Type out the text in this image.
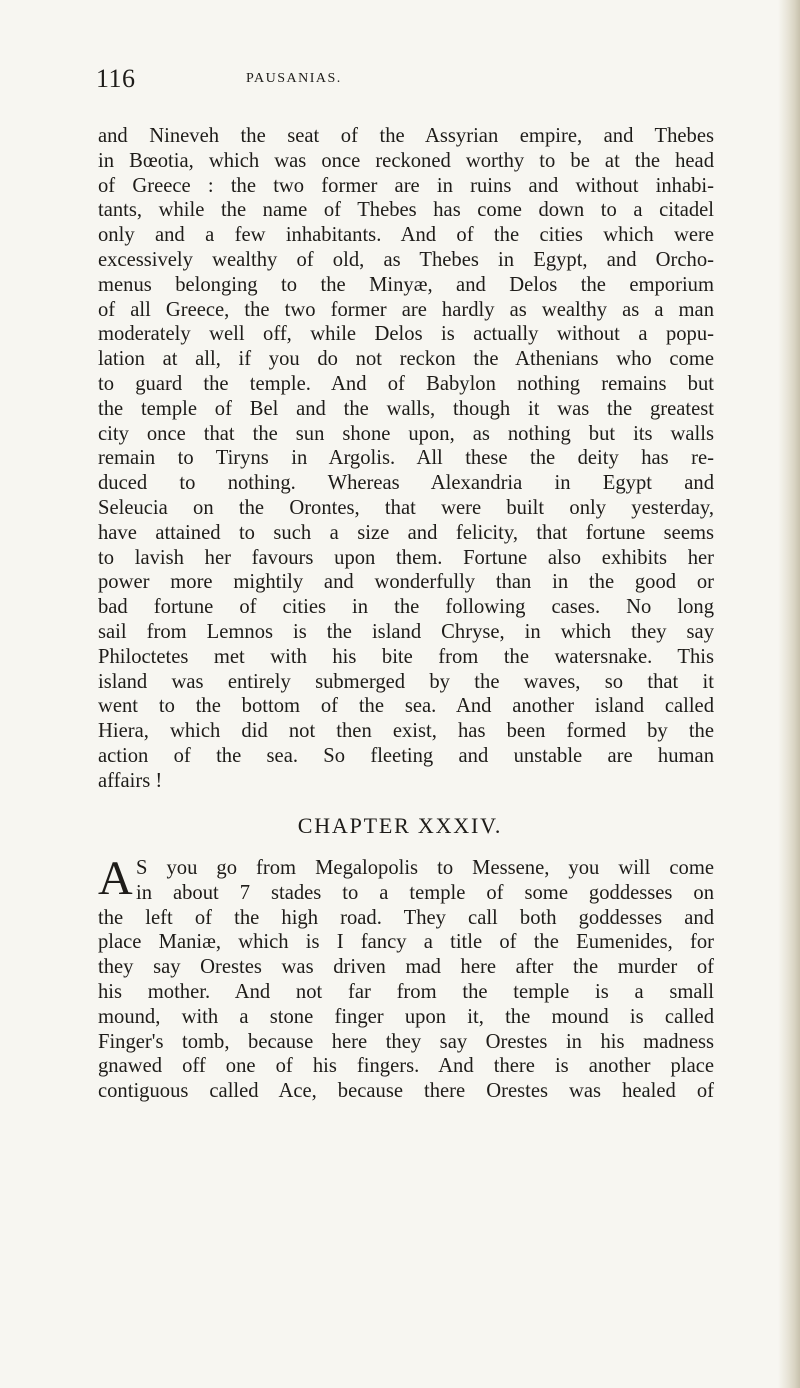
116	PAUSANIAS.
and Nineveh the seat of the Assyrian empire, and Thebes
in Bœotia, which was once reckoned worthy to be at the head
of Greece : the two former are in ruins and without inhabi-
tants, while the name of Thebes has come down to a citadel
only and a few inhabitants. And of the cities which were
excessively wealthy of old, as Thebes in Egypt, and Orcho-
menus belonging to the Minyæ, and Delos the emporium
of all Greece, the two former are hardly as wealthy as a man
moderately well off, while Delos is actually without a popu-
lation at all, if you do not reckon the Athenians who come
to guard the temple. And of Babylon nothing remains but
the temple of Bel and the walls, though it was the greatest
city once that the sun shone upon, as nothing but its walls
remain to Tiryns in Argolis. All these the deity has re-
duced to nothing. Whereas Alexandria in Egypt and
Seleucia on the Orontes, that were built only yesterday,
have attained to such a size and felicity, that fortune seems
to lavish her favours upon them. Fortune also exhibits her
power more mightily and wonderfully than in the good or
bad fortune of cities in the following cases. No long
sail from Lemnos is the island Chryse, in which they say
Philoctetes met with his bite from the watersnake. This
island was entirely submerged by the waves, so that it
went to the bottom of the sea. And another island called
Hiera, which did not then exist, has been formed by the
action of the sea. So fleeting and unstable are human
affairs !
CHAPTER XXXIV.
A S you go from Megalopolis to Messene, you will come
in about 7 stades to a temple of some goddesses on
the left of the high road. They call both goddesses and
place Maniæ, which is I fancy a title of the Eumenides, for
they say Orestes was driven mad here after the murder of
his mother. And not far from the temple is a small
mound, with a stone finger upon it, the mound is called
Finger's tomb, because here they say Orestes in his madness
gnawed off one of his fingers. And there is another place
contiguous called Ace, because there Orestes was healed of
